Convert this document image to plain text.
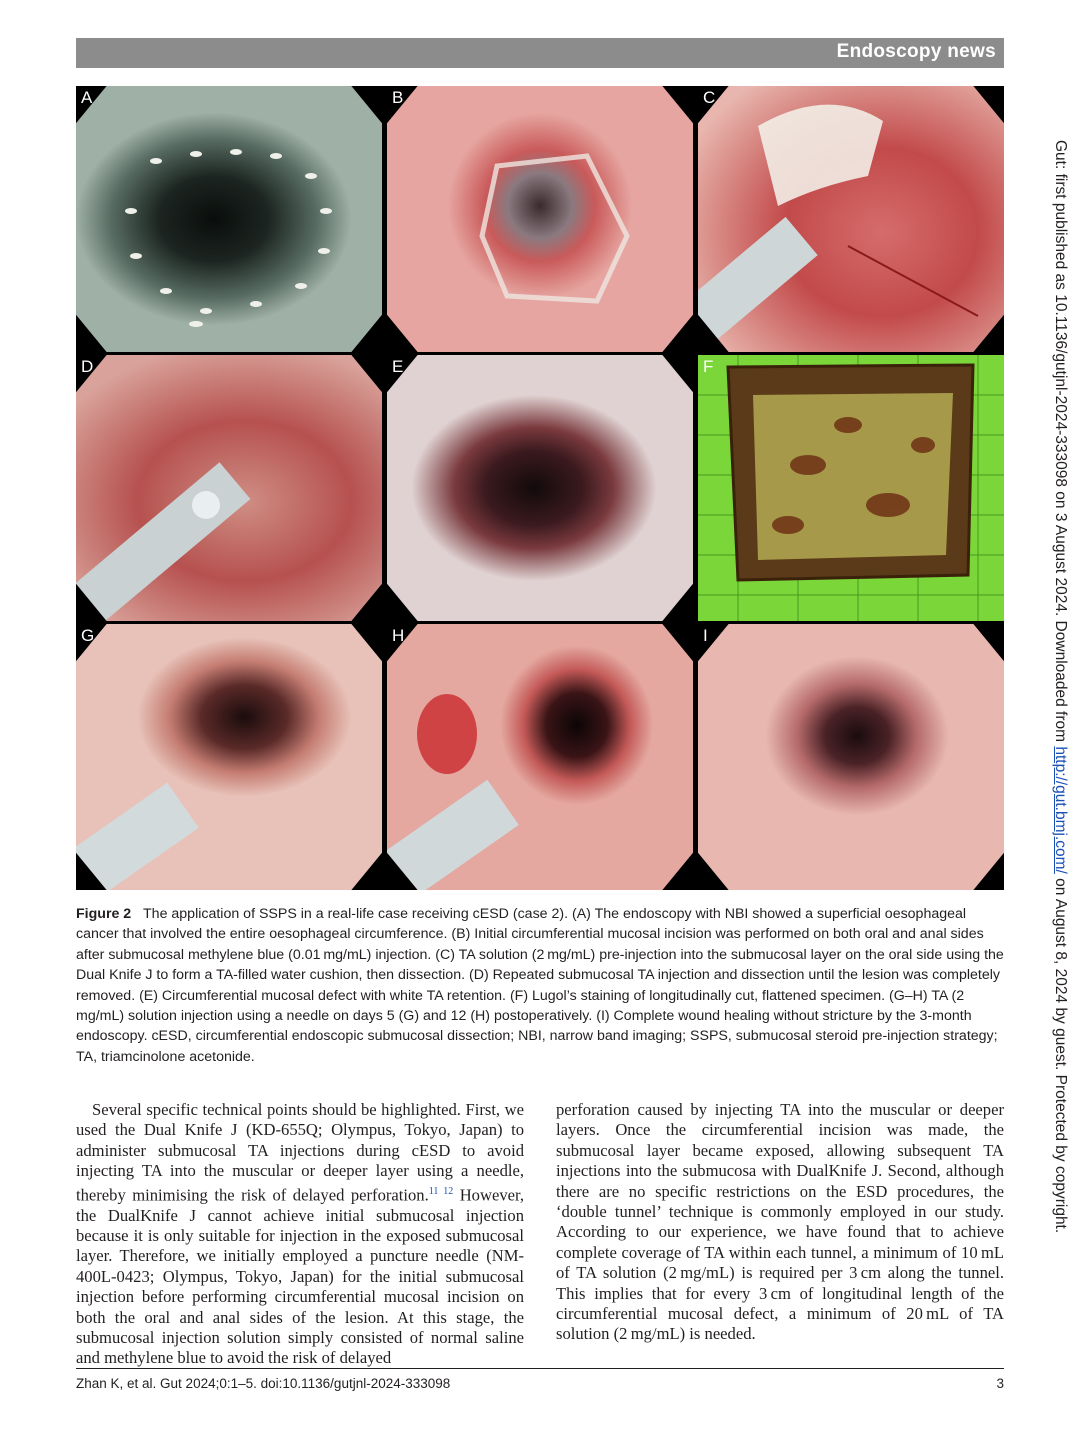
Endoscopy news
A	B	C
D	E	F
G	H	I	Gut: first published as 10.1136/gutjnl-2024-333098 on 3 August 2024. Downloaded from http://gut.bmj.com/ on August 8, 2024 by guest. Protected by copyright.

Figure 2 The application of SSPS in a real-life case receiving cESD (case 2). (A) The endoscopy with NBI showed a superficial oesophageal cancer that involved the entire oesophageal circumference. (B) Initial circumferential mucosal incision was performed on both oral and anal sides after submucosal methylene blue (0.01 mg/mL) injection. (C) TA solution (2 mg/mL) pre-injection into the submucosal layer on the oral side using the Dual Knife J to form a TA-filled water cushion, then dissection. (D) Repeated submucosal TA injection and dissection until the lesion was completely removed. (E) Circumferential mucosal defect with white TA retention. (F) Lugol’s staining of longitudinally cut, flattened specimen. (G–H) TA (2 mg/mL) solution injection using a needle on days 5 (G) and 12 (H) postoperatively. (I) Complete wound healing without stricture by the 3-month endoscopy. cESD, circumferential endoscopic submucosal dissection; NBI, narrow band imaging; SSPS, submucosal steroid pre-injection strategy; TA, triamcinolone acetonide.

Several specific technical points should be highlighted. First, we used the Dual Knife J (KD-655Q; Olympus, Tokyo, Japan) to administer submucosal TA injections during cESD to avoid injecting TA into the muscular or deeper layer using a needle, thereby minimising the risk of delayed perforation.$^{11 12}$ However, the DualKnife J cannot achieve initial submucosal injection because it is only suitable for injection in the exposed submucosal layer. Therefore, we initially employed a puncture needle (NM-400L-0423; Olympus, Tokyo, Japan) for the initial submucosal injection before performing circumferential mucosal incision on both the oral and anal sides of the lesion. At this stage, the submucosal injection solution simply consisted of normal saline and methylene blue to avoid the risk of delayed

perforation caused by injecting TA into the muscular or deeper layers. Once the circumferential incision was made, the submucosal layer became exposed, allowing subsequent TA injections into the submucosa with DualKnife J. Second, although there are no specific restrictions on the ESD procedures, the ‘double tunnel’ technique is commonly employed in our study. According to our experience, we have found that to achieve complete coverage of TA within each tunnel, a minimum of 10 mL of TA solution (2 mg/mL) is required per 3 cm along the tunnel. This implies that for every 3 cm of longitudinal length of the circumferential mucosal defect, a minimum of 20 mL of TA solution (2 mg/mL) is needed.

Zhan K, et al. Gut 2024;0:1–5. doi:10.1136/gutjnl-2024-333098	3
